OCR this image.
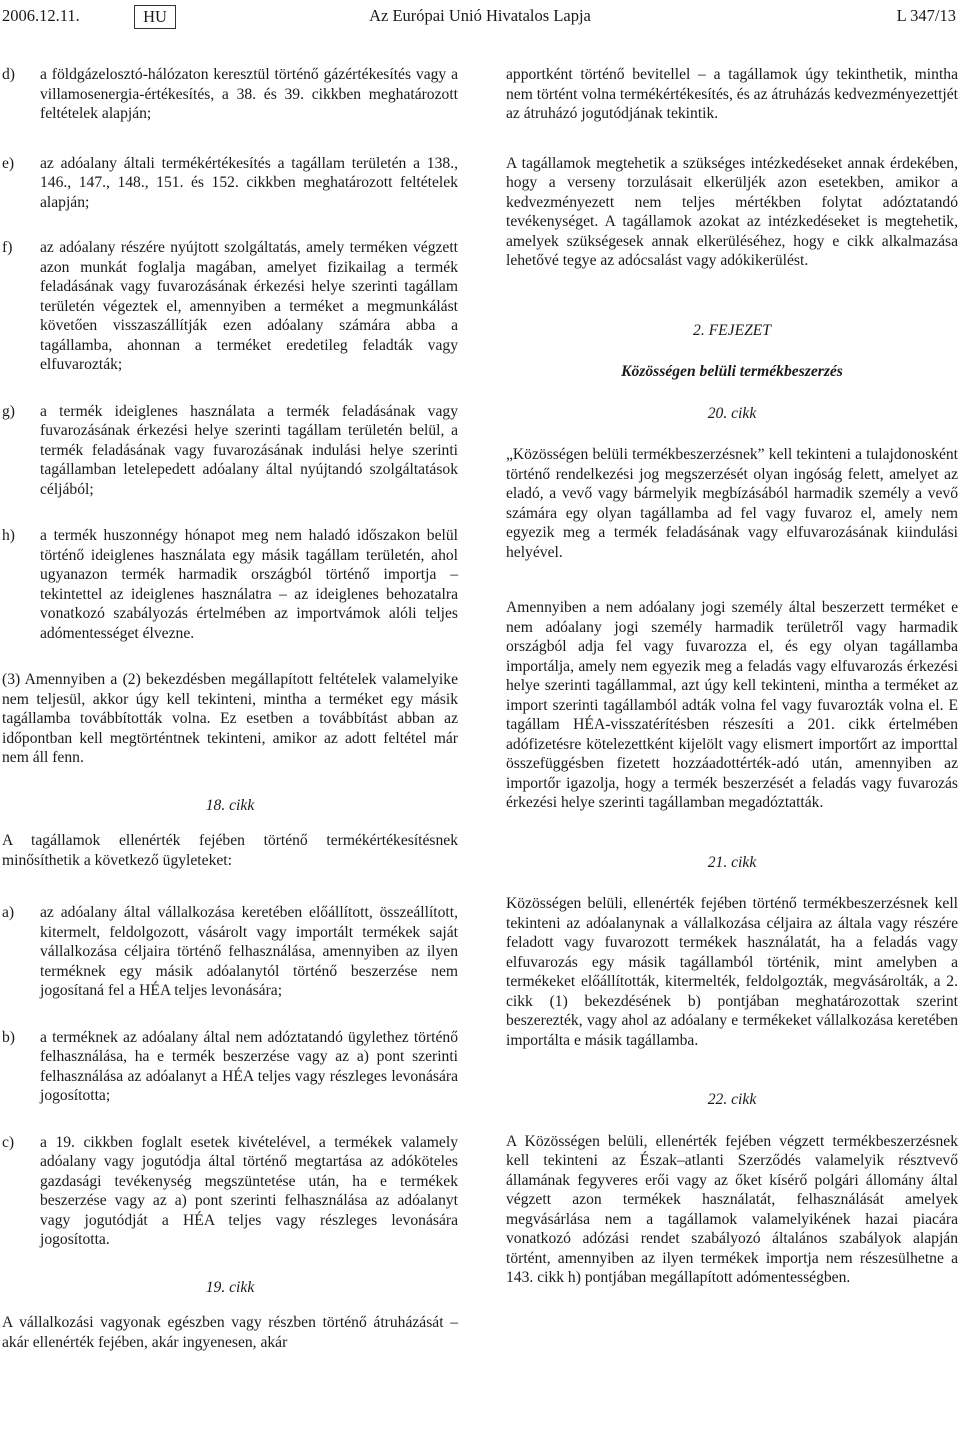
2006.12.11.	HU	Az Európai Unió Hivatalos Lapja	L 347/13
d)	a földgázelosztó-hálózaton keresztül történő gázértékesítés vagy a villamosenergia-értékesítés, a 38. és 39. cikkben meghatározott feltételek alapján;
e)	az adóalany általi termékértékesítés a tagállam területén a 138., 146., 147., 148., 151. és 152. cikkben meghatározott feltételek alapján;
f)	az adóalany részére nyújtott szolgáltatás, amely terméken végzett azon munkát foglalja magában, amelyet fizikailag a termék feladásának vagy fuvarozásának érkezési helye szerinti tagállam területén végeztek el, amennyiben a terméket a megmunkálást követően visszaszállítják ezen adóalany számára abba a tagállamba, ahonnan a terméket eredetileg feladták vagy elfuvarozták;
g)	a termék ideiglenes használata a termék feladásának vagy fuvarozásának érkezési helye szerinti tagállam területén belül, a termék feladásának vagy fuvarozásának indulási helye szerinti tagállamban letelepedett adóalany által nyújtandó szolgáltatások céljából;
h)	a termék huszonnégy hónapot meg nem haladó időszakon belül történő ideiglenes használata egy másik tagállam területén, ahol ugyanazon termék harmadik országból történő importja – tekintettel az ideiglenes használatra – az ideiglenes behozatalra vonatkozó szabályozás értelmében az importvámok alóli teljes adómentességet élvezne.

(3) Amennyiben a (2) bekezdésben megállapított feltételek valamelyike nem teljesül, akkor úgy kell tekinteni, mintha a terméket egy másik tagállamba továbbították volna. Ez esetben a továbbítást abban az időpontban kell megtörténtnek tekinteni, amikor az adott feltétel már nem áll fenn.

18. cikk

A tagállamok ellenérték fejében történő termékértékesítésnek minősíthetik a következő ügyleteket:

a)	az adóalany által vállalkozása keretében előállított, összeállított, kitermelt, feldolgozott, vásárolt vagy importált termékek saját vállalkozása céljaira történő felhasználása, amennyiben az ilyen terméknek egy másik adóalanytól történő beszerzése nem jogosítaná fel a HÉA teljes levonására;
b)	a terméknek az adóalany által nem adóztatandó ügylethez történő felhasználása, ha e termék beszerzése vagy az a) pont szerinti felhasználása az adóalanyt a HÉA teljes vagy részleges levonására jogosította;
c)	a 19. cikkben foglalt esetek kivételével, a termékek valamely adóalany vagy jogutódja által történő megtartása az adóköteles gazdasági tevékenység megszüntetése után, ha e termékek beszerzése vagy az a) pont szerinti felhasználása az adóalanyt vagy jogutódját a HÉA teljes vagy részleges levonására jogosította.

19. cikk

A vállalkozási vagyonak egészben vagy részben történő átruházását – akár ellenérték fejében, akár ingyenesen, akár

apportként történő bevitellel – a tagállamok úgy tekinthetik, mintha nem történt volna termékértékesítés, és az átruházás kedvezményezettjét az átruházó jogutódjának tekintik.

A tagállamok megtehetik a szükséges intézkedéseket annak érdekében, hogy a verseny torzulásait elkerüljék azon esetekben, amikor a kedvezményezett nem teljes mértékben folytat adóztatandó tevékenységet. A tagállamok azokat az intézkedéseket is megtehetik, amelyek szükségesek annak elkerüléséhez, hogy e cikk alkalmazása lehetővé tegye az adócsalást vagy adókikerülést.

2. FEJEZET

Közösségen belüli termékbeszerzés

20. cikk

„Közösségen belüli termékbeszerzésnek” kell tekinteni a tulajdonosként történő rendelkezési jog megszerzését olyan ingóság felett, amelyet az eladó, a vevő vagy bármelyik megbízásából harmadik személy a vevő számára egy olyan tagállamba ad fel vagy fuvaroz el, amely nem egyezik meg a termék feladásának vagy elfuvarozásának kiindulási helyével.

Amennyiben a nem adóalany jogi személy által beszerzett terméket e nem adóalany jogi személy harmadik területről vagy harmadik országból adja fel vagy fuvarozza el, és egy olyan tagállamba importálja, amely nem egyezik meg a feladás vagy elfuvarozás érkezési helye szerinti tagállammal, azt úgy kell tekinteni, mintha a terméket az import szerinti tagállamból adták volna fel vagy fuvarozták volna el. E tagállam HÉA-visszatérítésben részesíti a 201. cikk értelmében adófizetésre kötelezettként kijelölt vagy elismert importőrt az importtal összefüggésben fizetett hozzáadottérték-adó után, amennyiben az importőr igazolja, hogy a termék beszerzését a feladás vagy fuvarozás érkezési helye szerinti tagállamban megadóztatták.

21. cikk

Közösségen belüli, ellenérték fejében történő termékbeszerzésnek kell tekinteni az adóalanynak a vállalkozása céljaira az általa vagy részére feladott vagy fuvarozott termékek használatát, ha a feladás vagy elfuvarozás egy másik tagállamból történik, mint amelyben a termékeket előállították, kitermelték, feldolgozták, megvásárolták, a 2. cikk (1) bekezdésének b) pontjában meghatározottak szerint beszerezték, vagy ahol az adóalany e termékeket vállalkozása keretében importálta e másik tagállamba.

22. cikk

A Közösségen belüli, ellenérték fejében végzett termékbeszerzésnek kell tekinteni az Észak–atlanti Szerződés valamelyik résztvevő államának fegyveres erői vagy az őket kísérő polgári állomány által végzett azon termékek használatát, felhasználását amelyek megvásárlása nem a tagállamok valamelyikének hazai piacára vonatkozó adózási rendet szabályozó általános szabályok alapján történt, amennyiben az ilyen termékek importja nem részesülhetne a 143. cikk h) pontjában megállapított adómentességben.
